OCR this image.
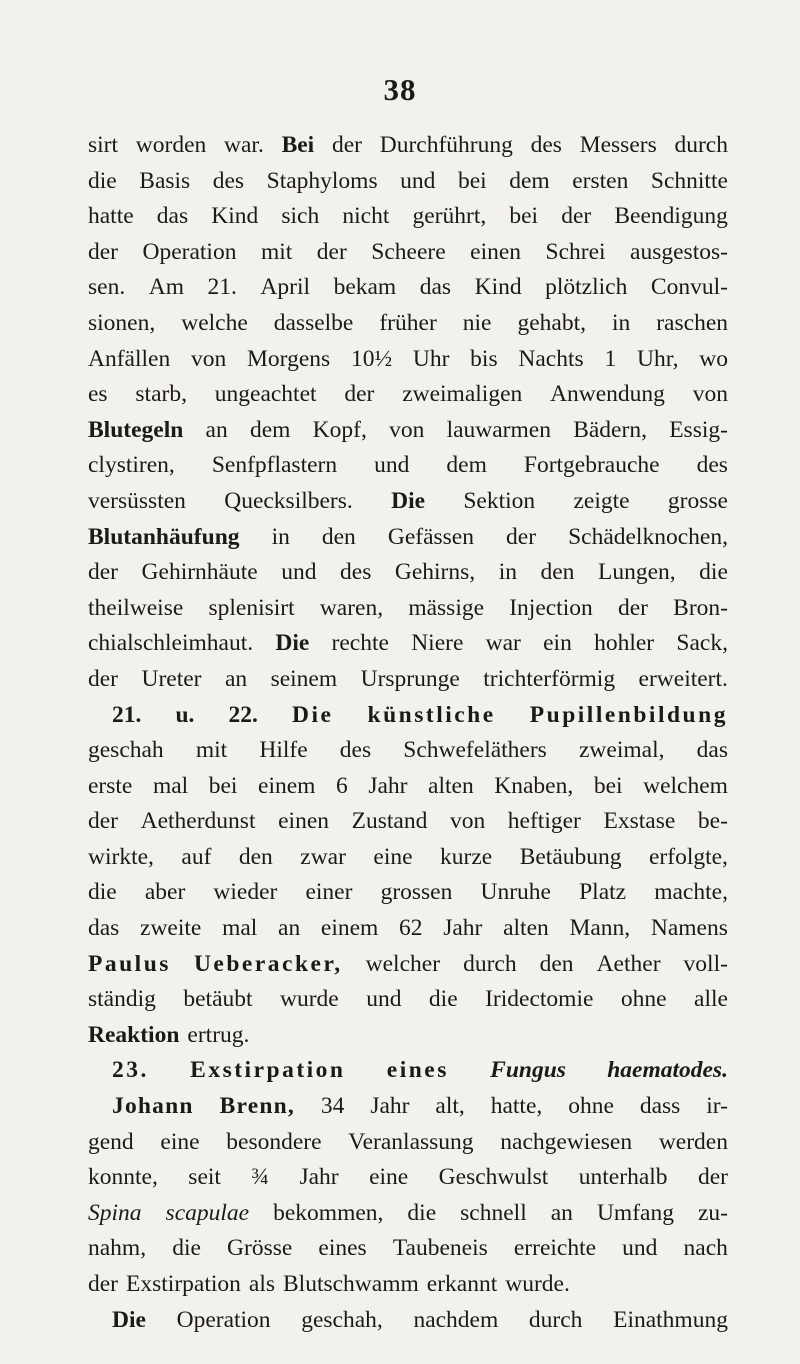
38
sirt worden war. Bei der Durchführung des Messers durch
die Basis des Staphyloms und bei dem ersten Schnitte
hatte das Kind sich nicht gerührt, bei der Beendigung
der Operation mit der Scheere einen Schrei ausgestos-
sen. Am 21. April bekam das Kind plötzlich Convul-
sionen, welche dasselbe früher nie gehabt, in raschen
Anfällen von Morgens 10½ Uhr bis Nachts 1 Uhr, wo
es starb, ungeachtet der zweimaligen Anwendung von
Blutegeln an dem Kopf, von lauwarmen Bädern, Essig-
clystiren, Senfpflastern und dem Fortgebrauche des
versüssten Quecksilbers. Die Sektion zeigte grosse
Blutanhäufung in den Gefässen der Schädelknochen,
der Gehirnhäute und des Gehirns, in den Lungen, die
theilweise splenisirt waren, mässige Injection der Bron-
chialschleimhaut. Die rechte Niere war ein hohler Sack,
der Ureter an seinem Ursprunge trichterförmig erweitert.
21. u. 22. Die künstliche Pupillenbildung
geschah mit Hilfe des Schwefeläthers zweimal, das
erste mal bei einem 6 Jahr alten Knaben, bei welchem
der Aetherdunst einen Zustand von heftiger Exstase be-
wirkte, auf den zwar eine kurze Betäubung erfolgte,
die aber wieder einer grossen Unruhe Platz machte,
das zweite mal an einem 62 Jahr alten Mann, Namens
Paulus Ueberacker, welcher durch den Aether voll-
ständig betäubt wurde und die Iridectomie ohne alle
Reaktion ertrug.
23. Exstirpation eines Fungus haematodes.
Johann Brenn, 34 Jahr alt, hatte, ohne dass ir-
gend eine besondere Veranlassung nachgewiesen werden
konnte, seit ¾ Jahr eine Geschwulst unterhalb der
Spina scapulae bekommen, die schnell an Umfang zu-
nahm, die Grösse eines Taubeneis erreichte und nach
der Exstirpation als Blutschwamm erkannt wurde.
Die Operation geschah, nachdem durch Einathmung
